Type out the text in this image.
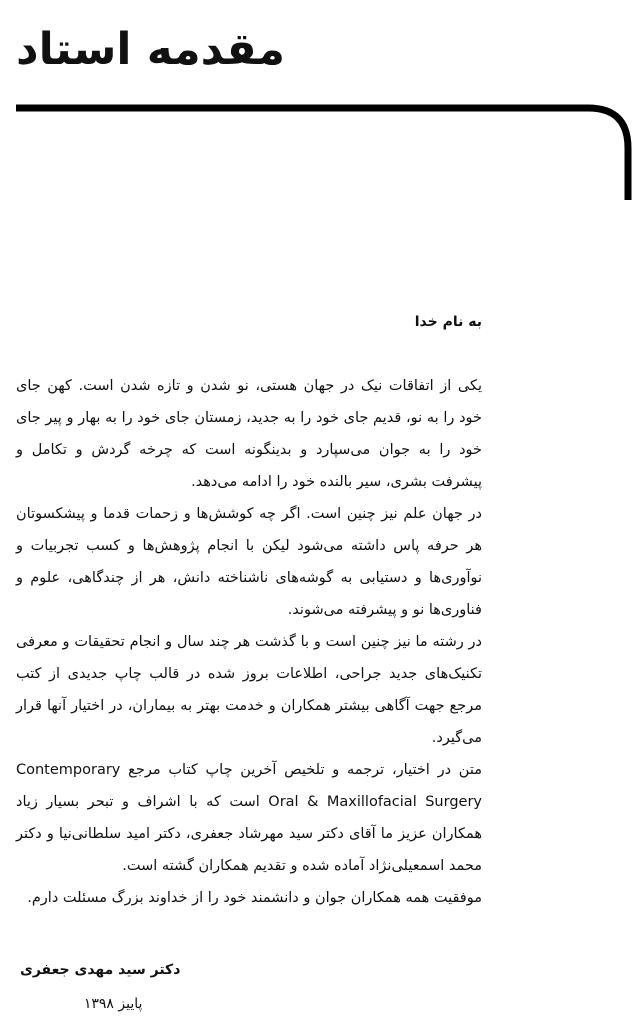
مقدمه استاد

به نام خدا

یکی از اتفاقات نیک در جهان هستی، نو شدن و تازه شدن است. کهن جای خود را به نو، قدیم جای خود را به جدید، زمستان جای خود را به بهار و پیر جای خود را به جوان می‌سپارد و بدینگونه است که چرخه گردش و تکامل و پیشرفت بشری، سیر بالنده خود را ادامه می‌دهد.

در جهان علم نیز چنین است. اگر چه کوشش‌ها و زحمات قدما و پیشکسوتان هر حرفه پاس داشته می‌شود لیکن با انجام پژوهش‌ها و کسب تجربیات و نوآوری‌ها و دستیابی به گوشه‌های ناشناخته دانش، هر از چندگاهی، علوم و فناوری‌ها نو و پیشرفته می‌شوند.

در رشته ما نیز چنین است و با گذشت هر چند سال و انجام تحقیقات و معرفی تکنیک‌های جدید جراحی، اطلاعات بروز شده در قالب چاپ جدیدی از کتب مرجع جهت آگاهی بیشتر همکاران و خدمت بهتر به بیماران، در اختیار آنها قرار می‌گیرد.

متن در اختیار، ترجمه و تلخیص آخرین چاپ کتاب مرجع Contemporary Oral & Maxillofacial Surgery است که با اشراف و تبحر بسیار زیاد همکاران عزیز ما آقای دکتر سید مهرشاد جعفری، دکتر امید سلطانی‌نیا و دکتر محمد اسمعیلی‌نژاد آماده شده و تقدیم همکاران گشته است.

موفقیت همه همکاران جوان و دانشمند خود را از خداوند بزرگ مسئلت دارم.

دکتر سید مهدی جعفری

پاییز ۱۳۹۸
